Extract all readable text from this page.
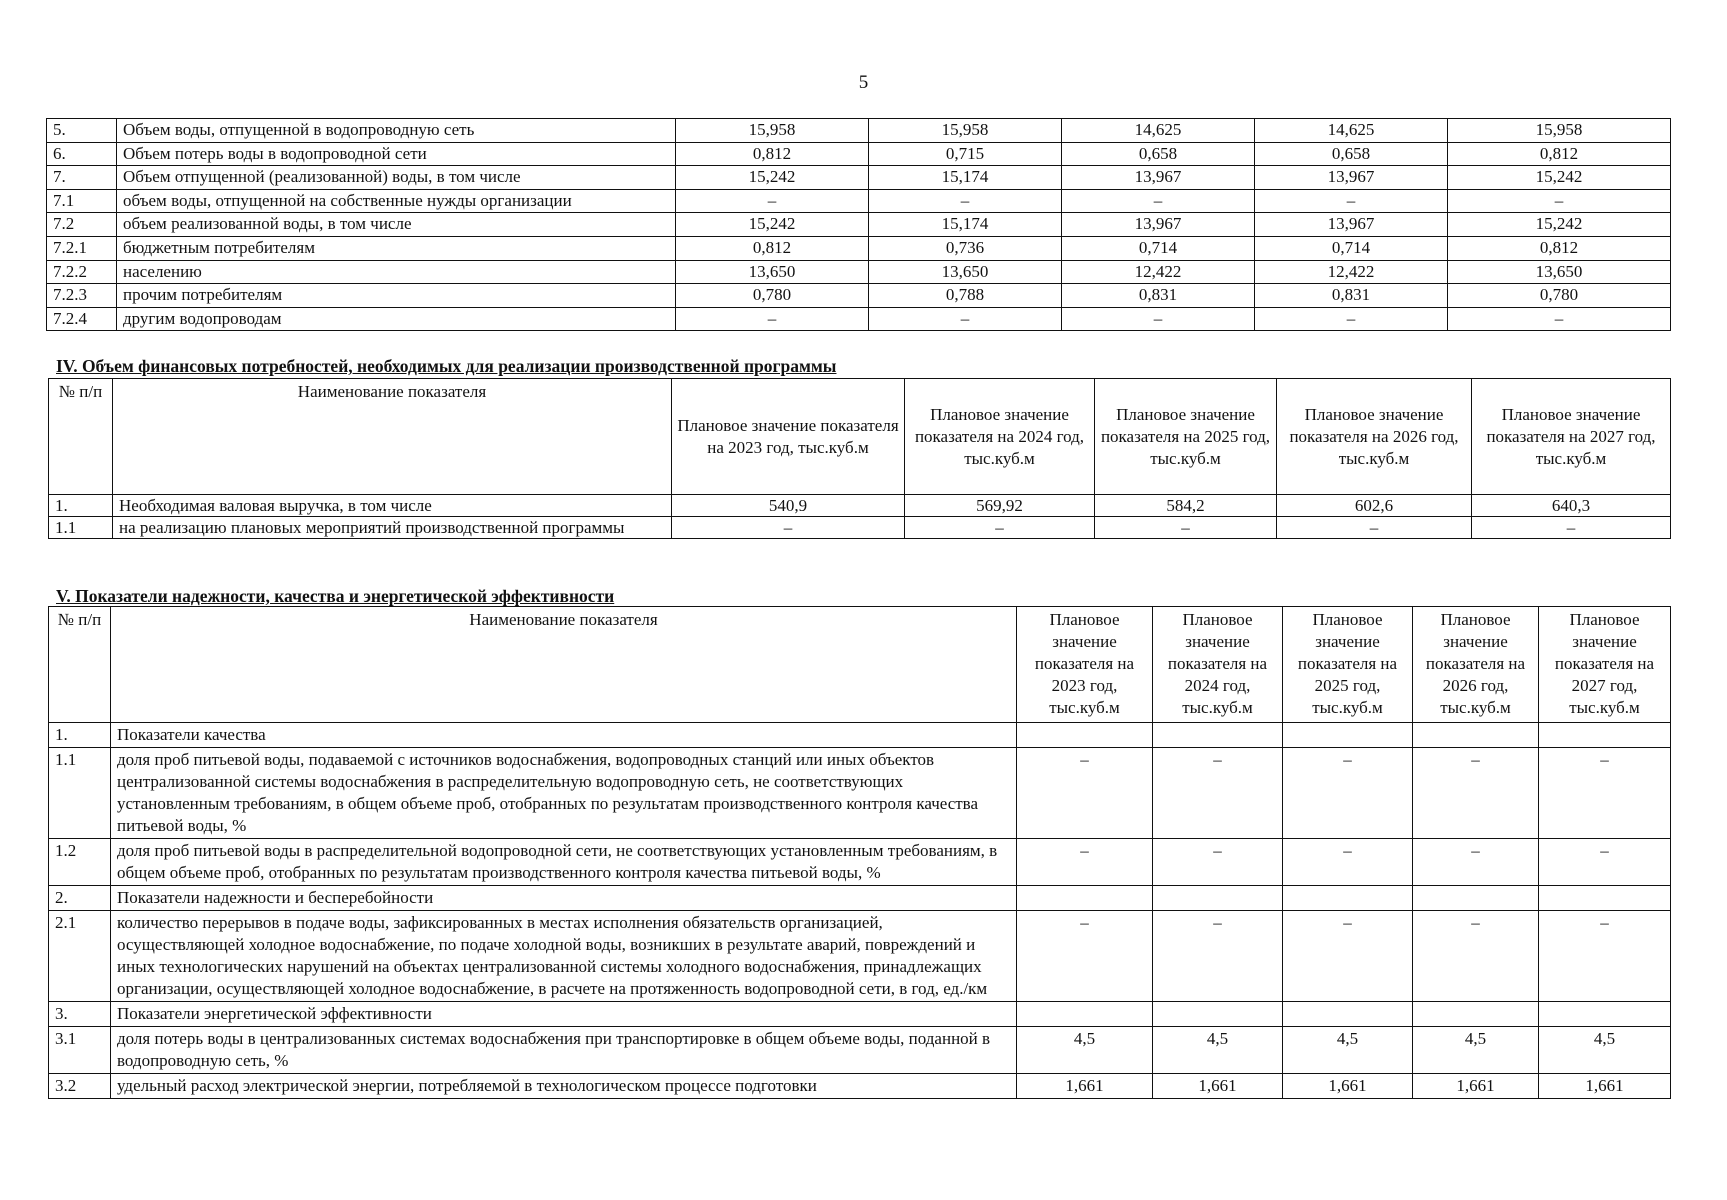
5
5.	Объем воды, отпущенной в водопроводную сеть	15,958	15,958	14,625	14,625	15,958
6.	Объем потерь воды в водопроводной сети	0,812	0,715	0,658	0,658	0,812
7.	Объем отпущенной (реализованной) воды, в том числе	15,242	15,174	13,967	13,967	15,242
7.1	объем воды, отпущенной на собственные нужды организации	–	–	–	–	–
7.2	объем реализованной воды, в том числе	15,242	15,174	13,967	13,967	15,242
7.2.1	бюджетным потребителям	0,812	0,736	0,714	0,714	0,812
7.2.2	населению	13,650	13,650	12,422	12,422	13,650
7.2.3	прочим потребителям	0,780	0,788	0,831	0,831	0,780
7.2.4	другим водопроводам	–	–	–	–	–
IV. Объем финансовых потребностей, необходимых для реализации производственной программы
№ п/п	Наименование показателя	Плановое значение показателя на 2023 год, тыс.куб.м	Плановое значение показателя на 2024 год, тыс.куб.м	Плановое значение показателя на 2025 год, тыс.куб.м	Плановое значение показателя на 2026 год, тыс.куб.м	Плановое значение показателя на 2027 год, тыс.куб.м
1.	Необходимая валовая выручка, в том числе	540,9	569,92	584,2	602,6	640,3
1.1	на реализацию плановых мероприятий производственной программы	–	–	–	–	–
V. Показатели надежности, качества и энергетической эффективности
№ п/п	Наименование показателя	Плановое значение показателя на 2023 год, тыс.куб.м	Плановое значение показателя на 2024 год, тыс.куб.м	Плановое значение показателя на 2025 год, тыс.куб.м	Плановое значение показателя на 2026 год, тыс.куб.м	Плановое значение показателя на 2027 год, тыс.куб.м
1.	Показатели качества					
1.1	доля проб питьевой воды, подаваемой с источников водоснабжения, водопроводных станций или иных объектов централизованной системы водоснабжения в распределительную водопроводную сеть, не соответствующих установленным требованиям, в общем объеме проб, отобранных по результатам производственного контроля качества питьевой воды, %	–	–	–	–	–
1.2	доля проб питьевой воды в распределительной водопроводной сети, не соответствующих установленным требованиям, в общем объеме проб, отобранных по результатам производственного контроля качества питьевой воды, %	–	–	–	–	–
2.	Показатели надежности и бесперебойности					
2.1	количество перерывов в подаче воды, зафиксированных в местах исполнения обязательств организацией, осуществляющей холодное водоснабжение, по подаче холодной воды, возникших в результате аварий, повреждений и иных технологических нарушений на объектах централизованной системы холодного водоснабжения, принадлежащих организации, осуществляющей холодное водоснабжение, в расчете на протяженность водопроводной сети, в год, ед./км	–	–	–	–	–
3.	Показатели энергетической эффективности					
3.1	доля потерь воды в централизованных системах водоснабжения при транспортировке в общем объеме воды, поданной в водопроводную сеть, %	4,5	4,5	4,5	4,5	4,5
3.2	удельный расход электрической энергии, потребляемой в технологическом процессе подготовки	1,661	1,661	1,661	1,661	1,661
